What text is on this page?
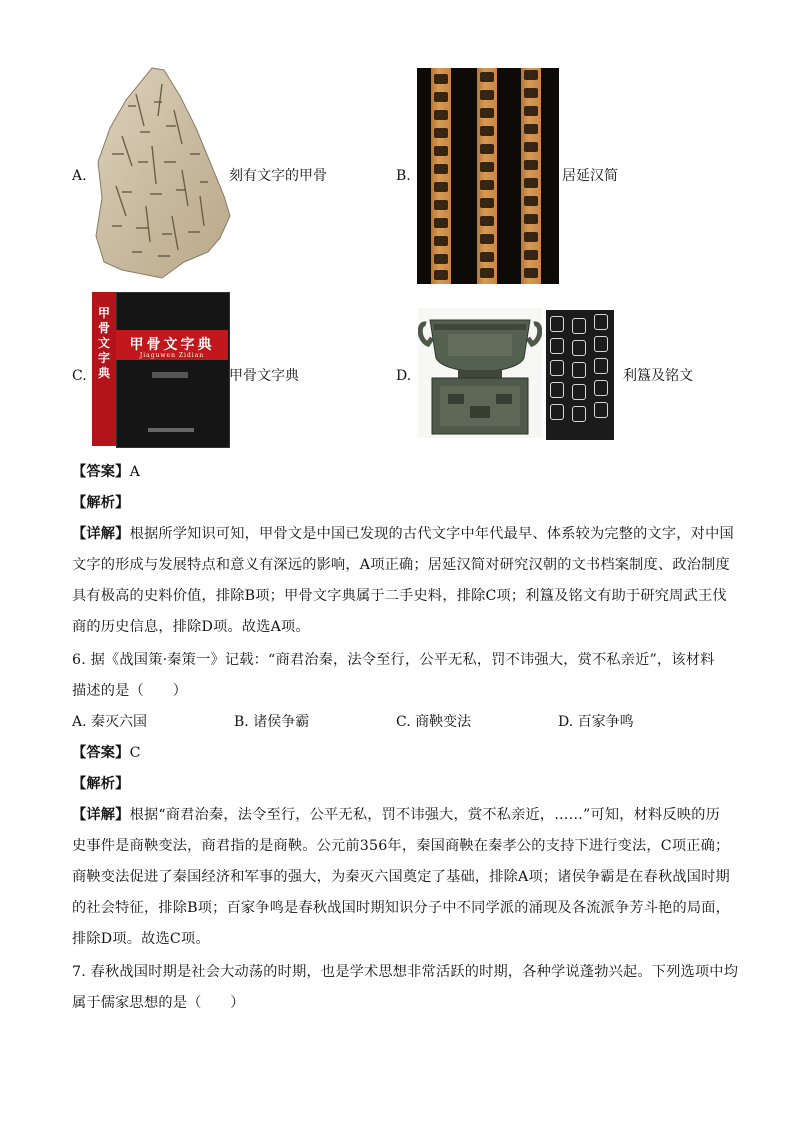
A.	刻有文字的甲骨	B.	居延汉简
C.
甲骨文字典
甲骨文字典
Jiaguwen Zidian
甲骨文字典	D.	利簋及铭文
【答案】A
【解析】
【详解】根据所学知识可知，甲骨文是中国已发现的古代文字中年代最早、体系较为完整的文字，对中国
文字的形成与发展特点和意义有深远的影响，A项正确；居延汉简对研究汉朝的文书档案制度、政治制度
具有极高的史料价值，排除B项；甲骨文字典属于二手史料，排除C项；利簋及铭文有助于研究周武王伐
商的历史信息，排除D项。故选A项。
6. 据《战国策·秦策一》记载：“商君治秦，法令至行，公平无私，罚不讳强大，赏不私亲近”，该材料
描述的是（　　）
A. 秦灭六国	B. 诸侯争霸	C. 商鞅变法	D. 百家争鸣
【答案】C
【解析】
【详解】根据“商君治秦，法令至行，公平无私，罚不讳强大，赏不私亲近，……”可知，材料反映的历
史事件是商鞅变法，商君指的是商鞅。公元前356年，秦国商鞅在秦孝公的支持下进行变法，C项正确；
商鞅变法促进了秦国经济和军事的强大，为秦灭六国奠定了基础，排除A项；诸侯争霸是在春秋战国时期
的社会特征，排除B项；百家争鸣是春秋战国时期知识分子中不同学派的涌现及各流派争芳斗艳的局面，
排除D项。故选C项。
7. 春秋战国时期是社会大动荡的时期，也是学术思想非常活跃的时期，各种学说蓬勃兴起。下列选项中均
属于儒家思想的是（　　）
